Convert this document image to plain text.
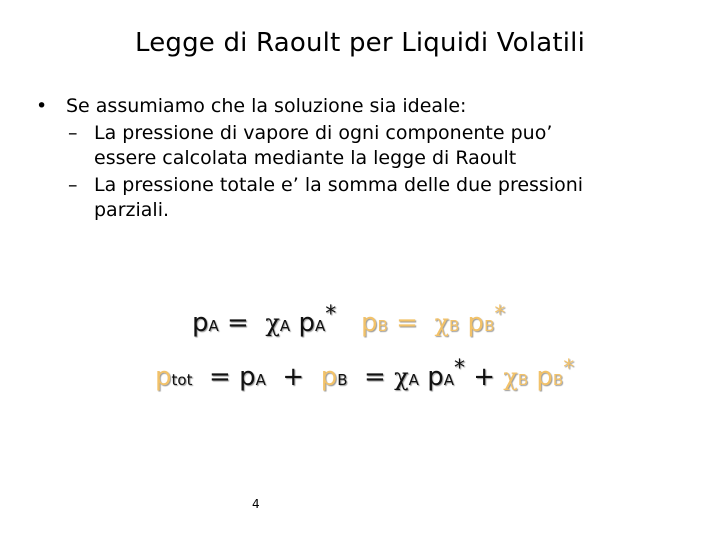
Legge di Raoult per Liquidi Volatili
• Se assumiamo che la soluzione sia ideale:
– La pressione di vapore di ogni componente puo’
essere calcolata mediante la legge di Raoult
– La pressione totale e’ la somma delle due pressioni
parziali.
pA = χA pA* pB = χB pB*
ptot = pA + pB = χA pA* + χB pB*
4
